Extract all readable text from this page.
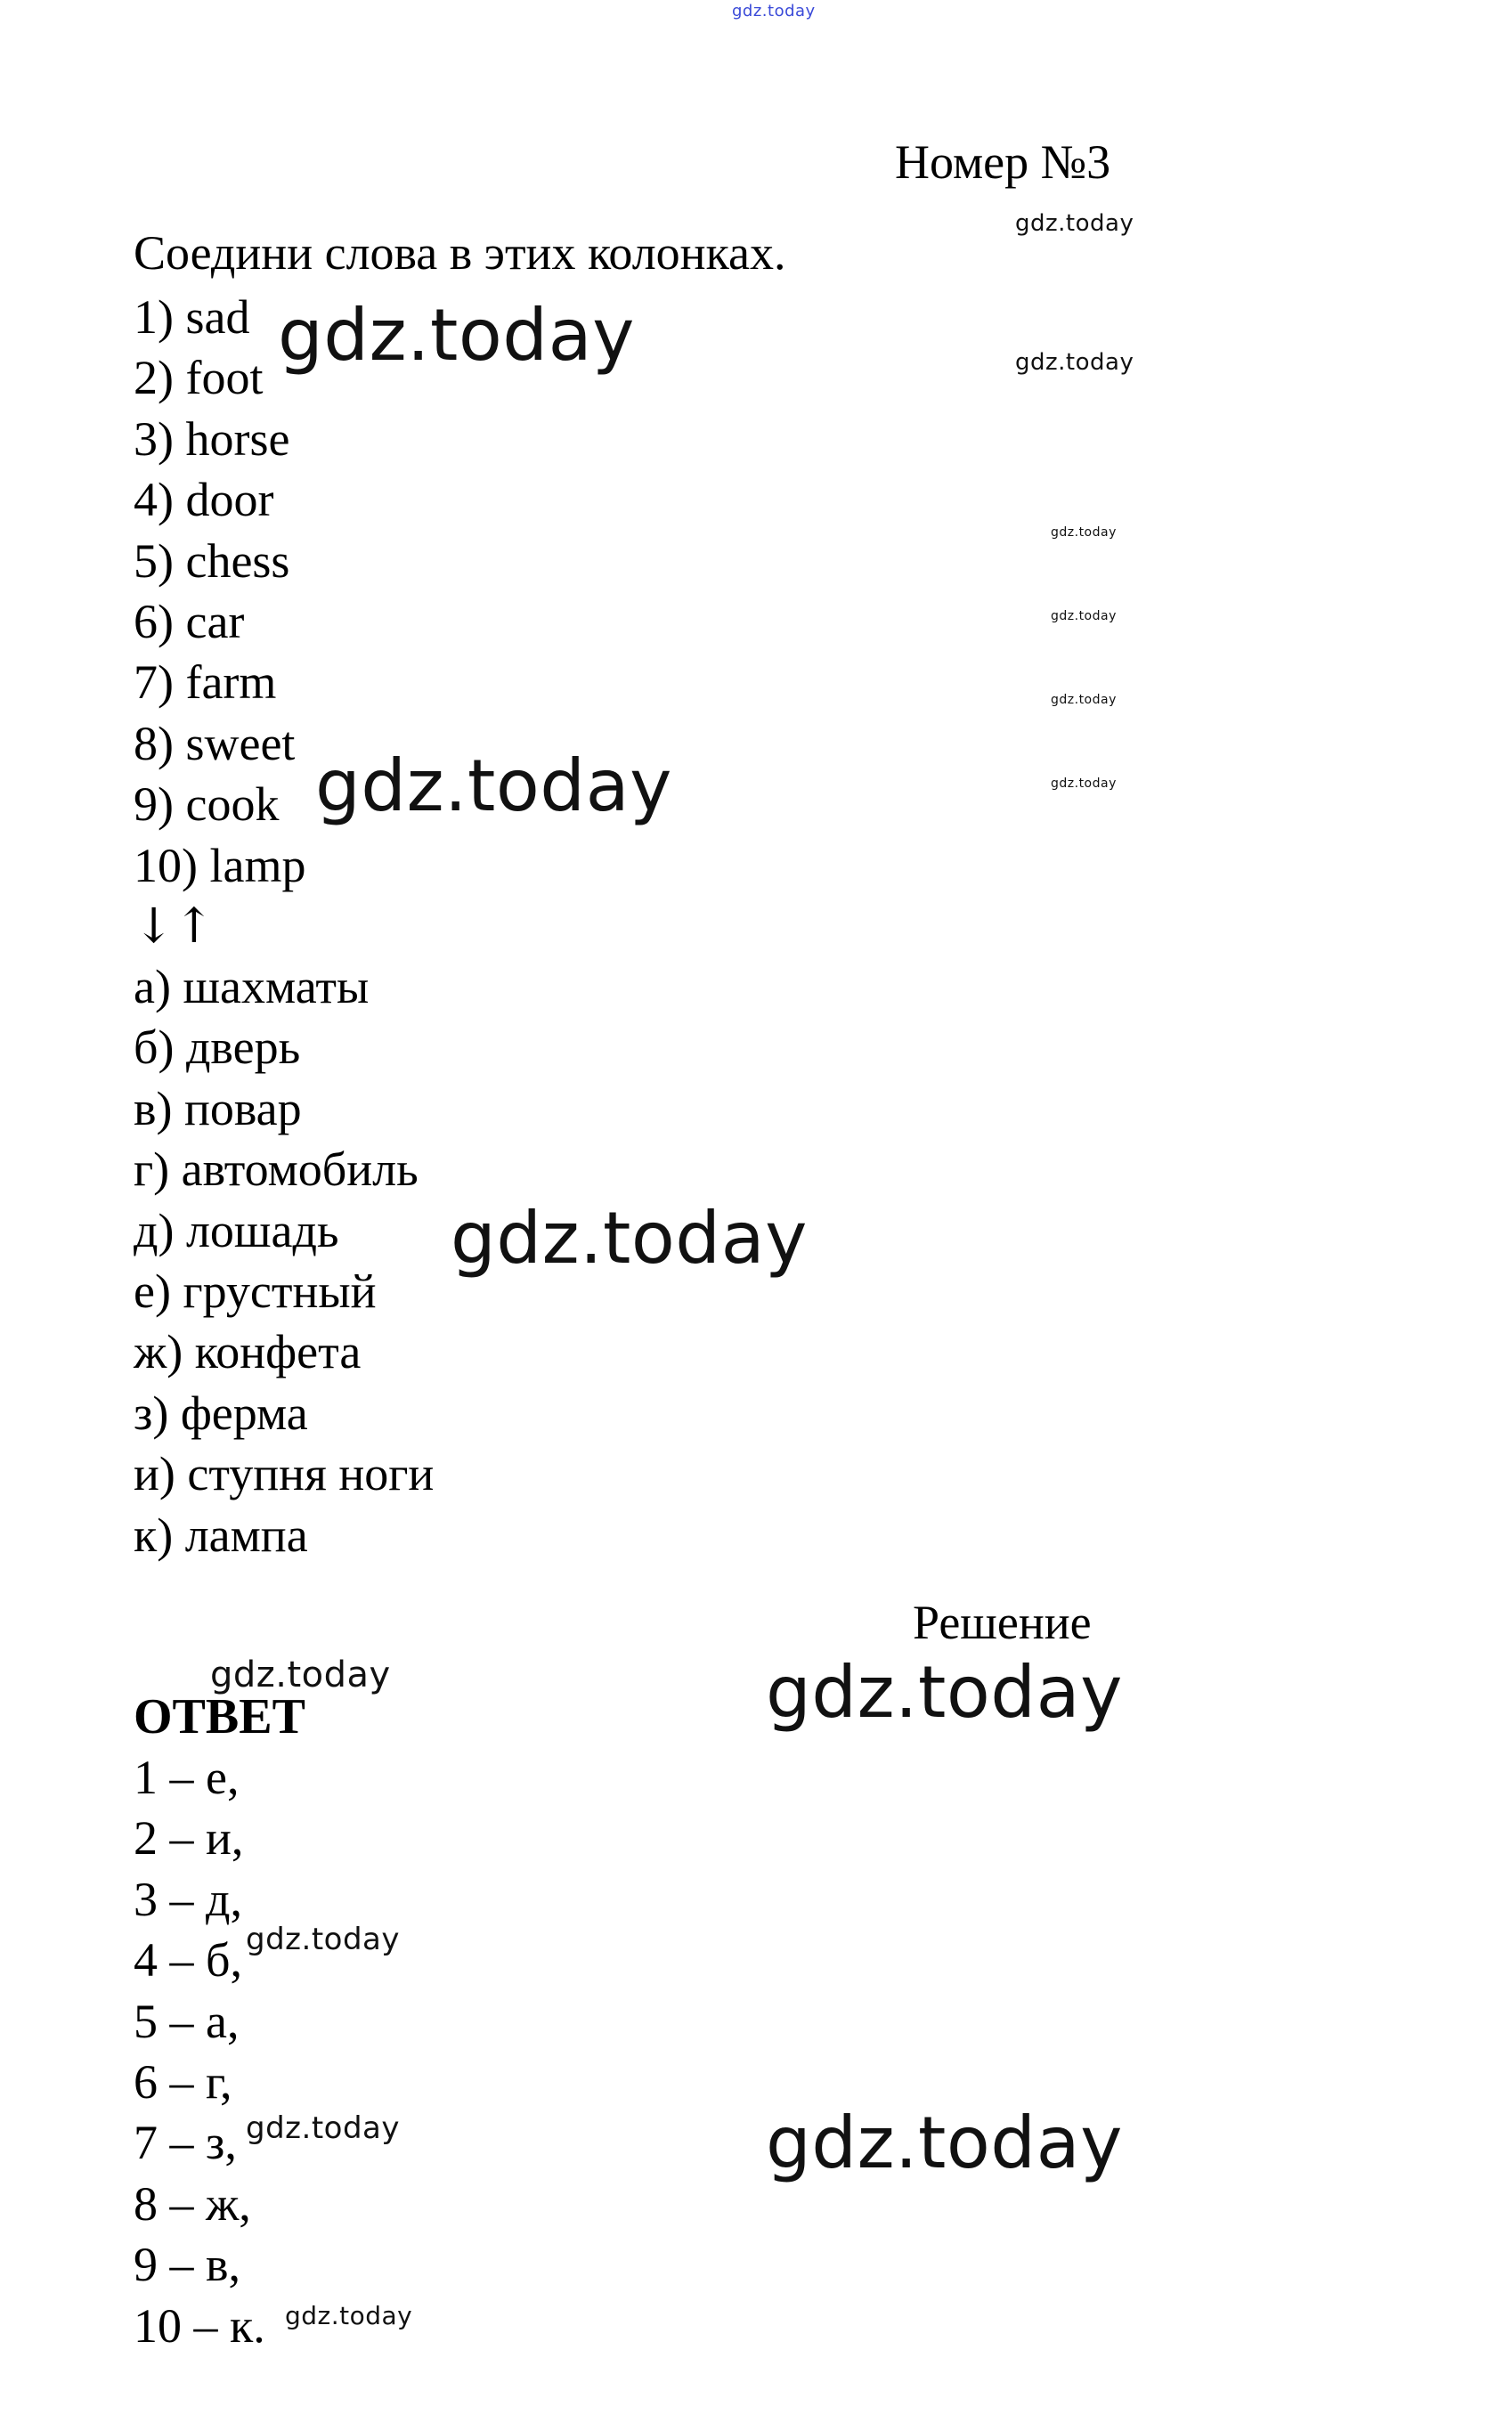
gdz.today
Номер №3
Соедини слова в этих колонках.
1) sad
2) foot
3) horse
4) door
5) chess
6) car
7) farm
8) sweet
9) cook
10) lamp
↓↑
а) шахматы
б) дверь
в) повар
г) автомобиль
д) лошадь
е) грустный
ж) конфета
з) ферма
и) ступня ноги
к) лампа
Решение
ОТВЕТ
1 – е,
2 – и,
3 – д,
4 – б,
5 – а,
6 – г,
7 – з,
8 – ж,
9 – в,
10 – к.
gdz.today
gdz.today
gdz.today
gdz.today
gdz.today
gdz.today
gdz.today
gdz.today
gdz.today
gdz.today
gdz.today
gdz.today
gdz.today
gdz.today
gdz.today
